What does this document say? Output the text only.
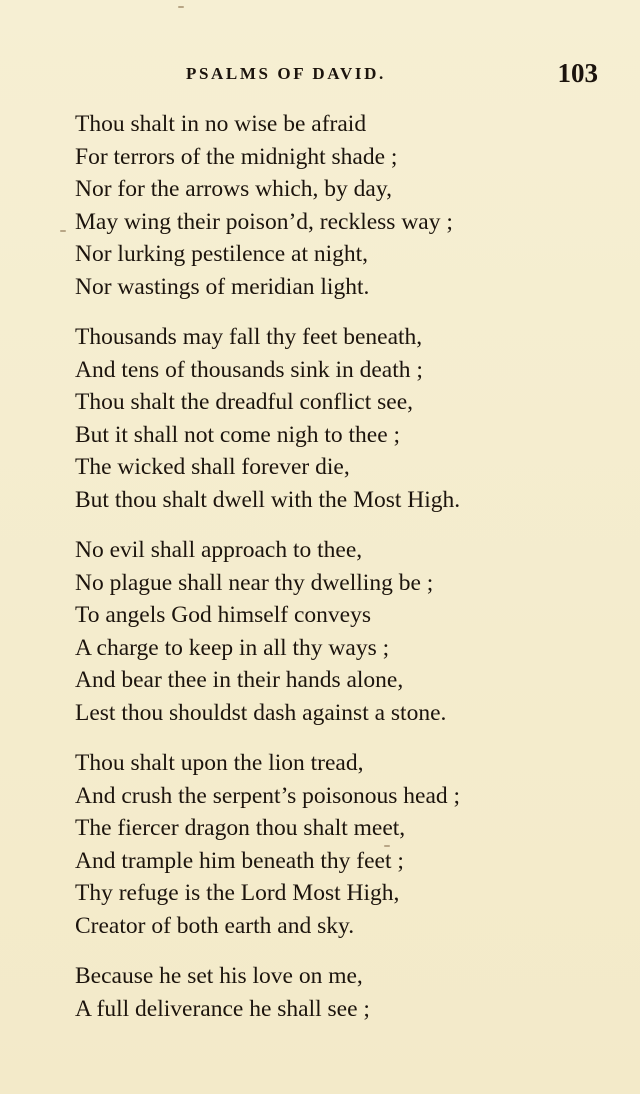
PSALMS OF DAVID.	103
Thou shalt in no wise be afraid
For terrors of the midnight shade ;
Nor for the arrows which, by day,
May wing their poison’d, reckless way ;
Nor lurking pestilence at night,
Nor wastings of meridian light.
Thousands may fall thy feet beneath,
And tens of thousands sink in death ;
Thou shalt the dreadful conflict see,
But it shall not come nigh to thee ;
The wicked shall forever die,
But thou shalt dwell with the Most High.
No evil shall approach to thee,
No plague shall near thy dwelling be ;
To angels God himself conveys
A charge to keep in all thy ways ;
And bear thee in their hands alone,
Lest thou shouldst dash against a stone.
Thou shalt upon the lion tread,
And crush the serpent’s poisonous head ;
The fiercer dragon thou shalt meet,
And trample him beneath thy feet ;
Thy refuge is the Lord Most High,
Creator of both earth and sky.
Because he set his love on me,
A full deliverance he shall see ;
